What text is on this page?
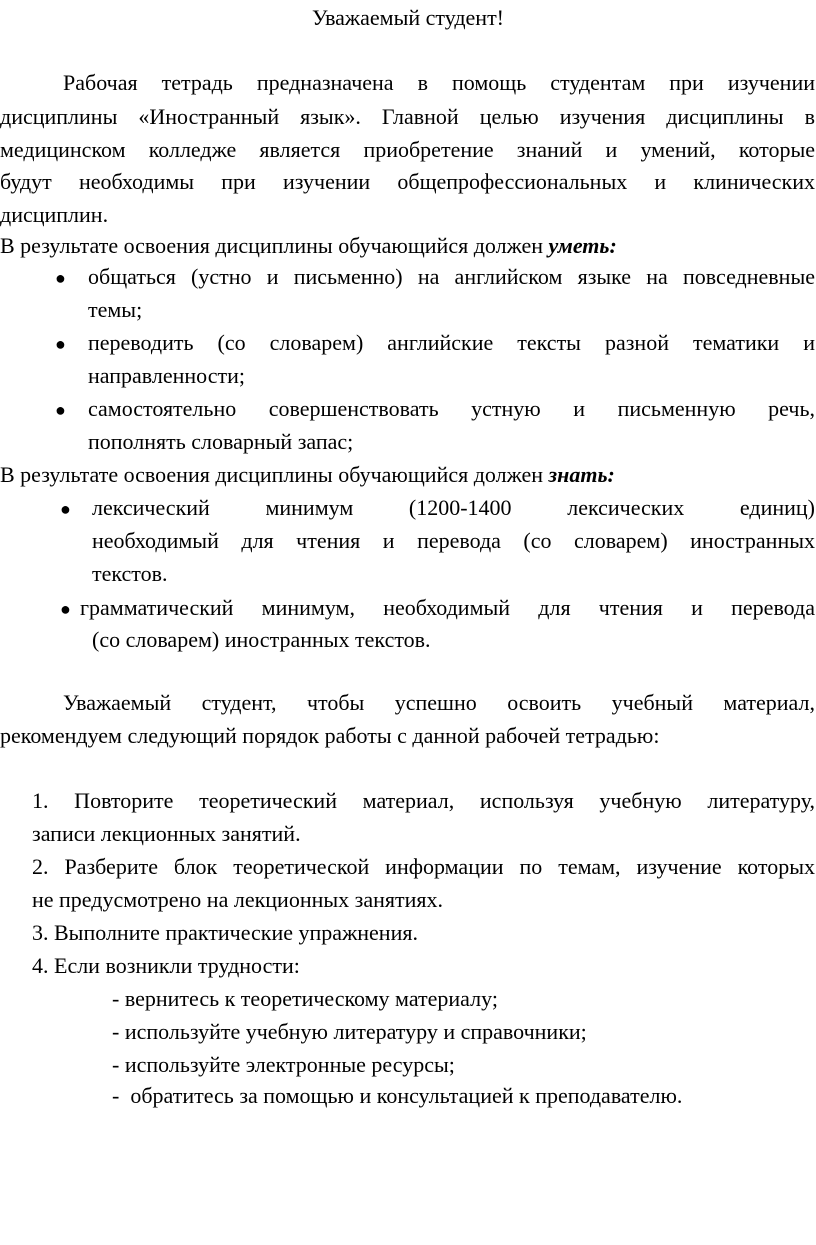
Уважаемый студент!
Рабочая тетрадь предназначена в помощь студентам при изучении
дисциплины «Иностранный язык». Главной целью изучения дисциплины в
медицинском колледже является приобретение знаний и умений, которые
будут необходимы при изучении общепрофессиональных и клинических
дисциплин.
В результате освоения дисциплины обучающийся должен уметь:
● общаться (устно и письменно) на английском языке на повседневные
темы;
● переводить (со словарем) английские тексты разной тематики и
направленности;
● самостоятельно совершенствовать устную и письменную речь,
пополнять словарный запас;
В результате освоения дисциплины обучающийся должен знать:
● лексический минимум (1200-1400 лексических единиц)
необходимый для чтения и перевода (со словарем) иностранных
текстов.
● грамматический минимум, необходимый для чтения и перевода
(со словарем) иностранных текстов.
Уважаемый студент, чтобы успешно освоить учебный материал,
рекомендуем следующий порядок работы с данной рабочей тетрадью:
1. Повторите теоретический материал, используя учебную литературу,
записи лекционных занятий.
2. Разберите блок теоретической информации по темам, изучение которых
не предусмотрено на лекционных занятиях.
3. Выполните практические упражнения.
4. Если возникли трудности:
- вернитесь к теоретическому материалу;
- используйте учебную литературу и справочники;
- используйте электронные ресурсы;
-  обратитесь за помощью и консультацией к преподавателю.
